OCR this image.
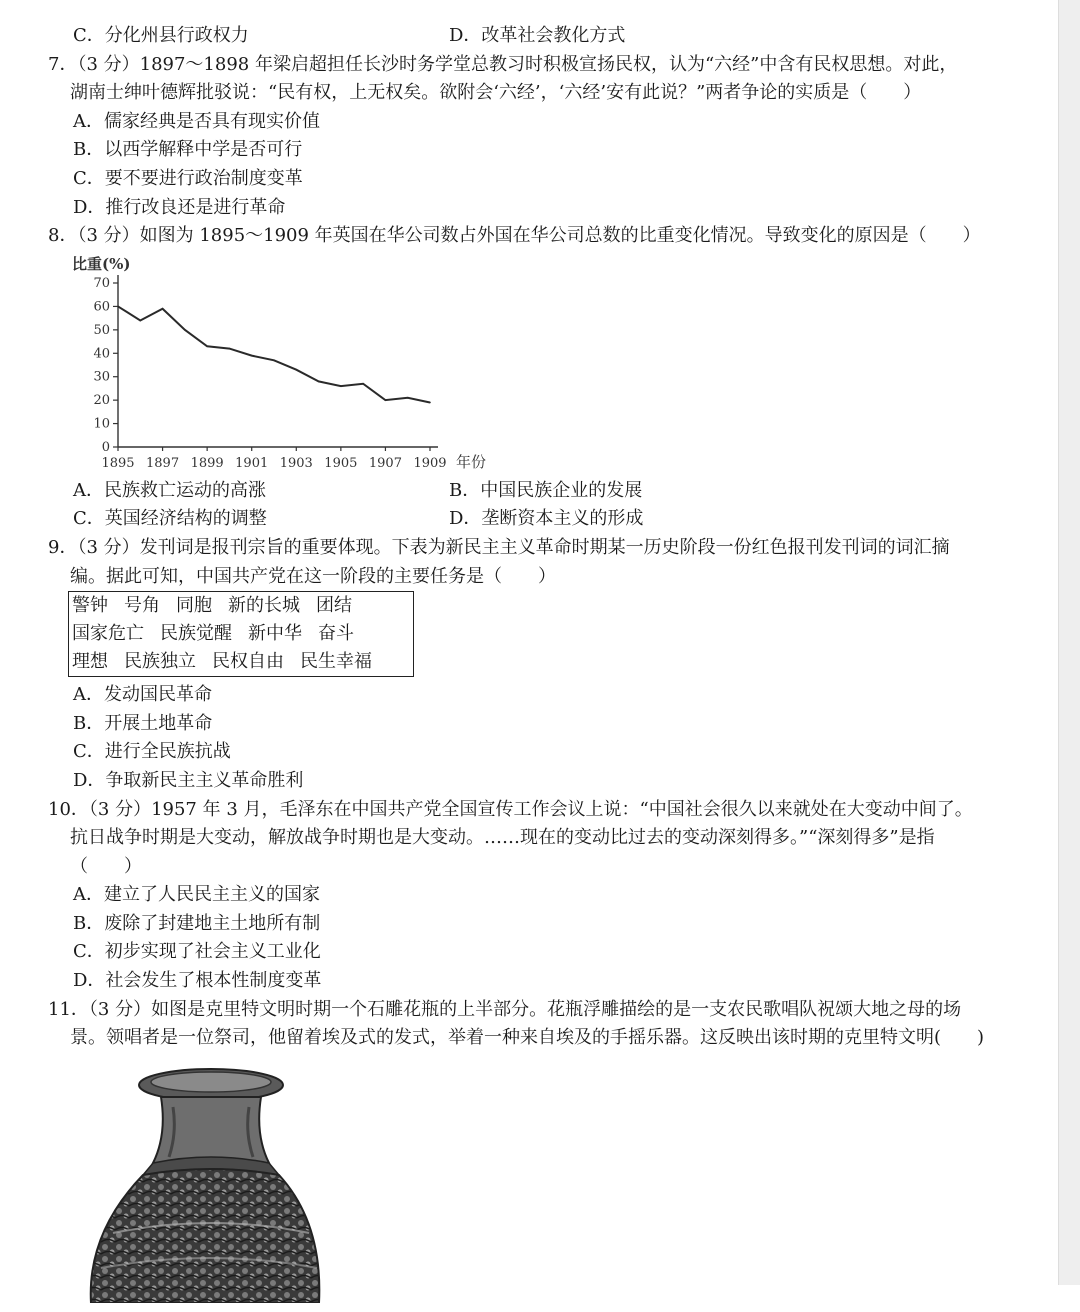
C．分化州县行政权力	D．改革社会教化方式
7．（3 分）1897～1898 年梁启超担任长沙时务学堂总教习时积极宣扬民权，认为“六经”中含有民权思想。对此，
湖南士绅叶德辉批驳说：“民有权，上无权矣。欲附会‘六经’，‘六经’安有此说？”两者争论的实质是（　　）
A．儒家经典是否具有现实价值
B．以西学解释中学是否可行
C．要不要进行政治制度变革
D．推行改良还是进行革命
8．（3 分）如图为 1895～1909 年英国在华公司数占外国在华公司总数的比重变化情况。导致变化的原因是（　　）
0
10
20
30
40
50
60
70
1895 1897 1899 1901 1903 1905 1907 1909
比重(%)
年份
A．民族救亡运动的高涨	B．中国民族企业的发展
C．英国经济结构的调整	D．垄断资本主义的形成
9．（3 分）发刊词是报刊宗旨的重要体现。下表为新民主主义革命时期某一历史阶段一份红色报刊发刊词的词汇摘
编。据此可知，中国共产党在这一阶段的主要任务是（　　）
警钟 号角 同胞 新的长城 团结
国家危亡 民族觉醒 新中华 奋斗
理想 民族独立 民权自由 民生幸福
A．发动国民革命
B．开展土地革命
C．进行全民族抗战
D．争取新民主主义革命胜利
10．（3 分）1957 年 3 月，毛泽东在中国共产党全国宣传工作会议上说：“中国社会很久以来就处在大变动中间了。
抗日战争时期是大变动，解放战争时期也是大变动。……现在的变动比过去的变动深刻得多。”“深刻得多”是指
（　　）
A．建立了人民民主主义的国家
B．废除了封建地主土地所有制
C．初步实现了社会主义工业化
D．社会发生了根本性制度变革
11．（3 分）如图是克里特文明时期一个石雕花瓶的上半部分。花瓶浮雕描绘的是一支农民歌唱队祝颂大地之母的场
景。领唱者是一位祭司，他留着埃及式的发式，举着一种来自埃及的手摇乐器。这反映出该时期的克里特文明(　　)
